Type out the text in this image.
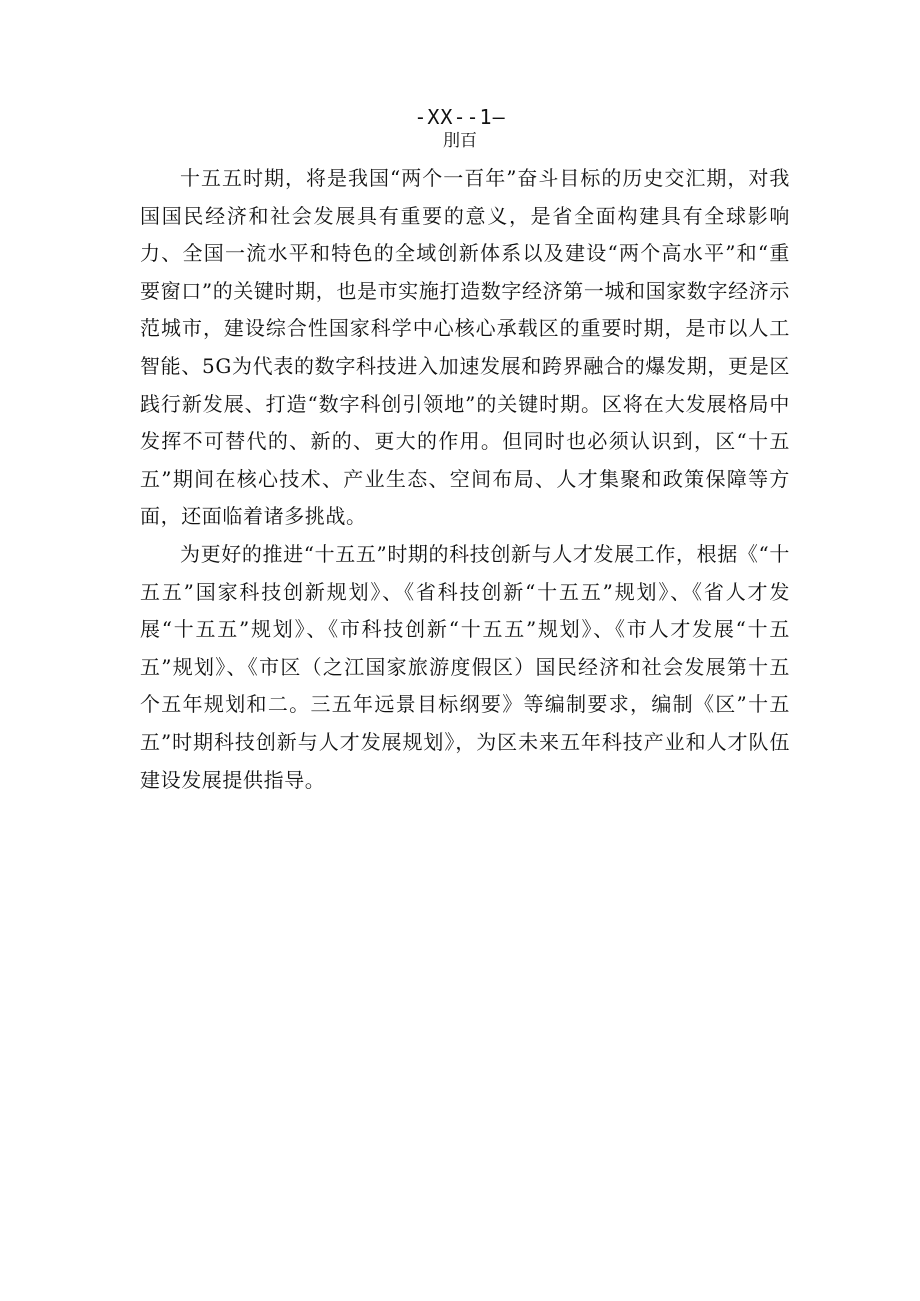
-XX--1—
刖百

十五五时期，将是我国“两个一百年”奋斗目标的历史交汇期，对我国国民经济和社会发展具有重要的意义，是省全面构建具有全球影响力、全国一流水平和特色的全域创新体系以及建设“两个高水平”和“重要窗口”的关键时期，也是市实施打造数字经济第一城和国家数字经济示范城市，建设综合性国家科学中心核心承载区的重要时期，是市以人工智能、5G为代表的数字科技进入加速发展和跨界融合的爆发期，更是区践行新发展、打造“数字科创引领地”的关键时期。区将在大发展格局中发挥不可替代的、新的、更大的作用。但同时也必须认识到，区“十五五”期间在核心技术、产业生态、空间布局、人才集聚和政策保障等方面，还面临着诸多挑战。

为更好的推进“十五五”时期的科技创新与人才发展工作，根据《“十五五”国家科技创新规划》、《省科技创新“十五五”规划》、《省人才发展“十五五”规划》、《市科技创新“十五五”规划》、《市人才发展“十五五”规划》、《市区（之江国家旅游度假区）国民经济和社会发展第十五个五年规划和二。三五年远景目标纲要》等编制要求，编制《区”十五五”时期科技创新与人才发展规划》，为区未来五年科技产业和人才队伍建设发展提供指导。
